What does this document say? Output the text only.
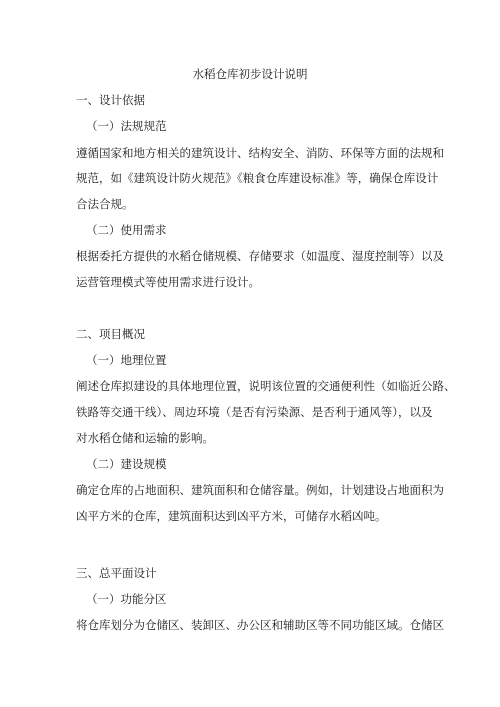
水稻仓库初步设计说明
一、设计依据
（一）法规规范
遵循国家和地方相关的建筑设计、结构安全、消防、环保等方面的法规和
规范，如《建筑设计防火规范》《粮食仓库建设标准》等，确保仓库设计
合法合规。
（二）使用需求
根据委托方提供的水稻仓储规模、存储要求（如温度、湿度控制等）以及
运营管理模式等使用需求进行设计。
二、项目概况
（一）地理位置
阐述仓库拟建设的具体地理位置，说明该位置的交通便利性（如临近公路、
铁路等交通干线）、周边环境（是否有污染源、是否利于通风等），以及
对水稻仓储和运输的影响。
（二）建设规模
确定仓库的占地面积、建筑面积和仓储容量。例如，计划建设占地面积为
凶平方米的仓库，建筑面积达到凶平方米，可储存水稻凶吨。
三、总平面设计
（一）功能分区
将仓库划分为仓储区、装卸区、办公区和辅助区等不同功能区域。仓储区
